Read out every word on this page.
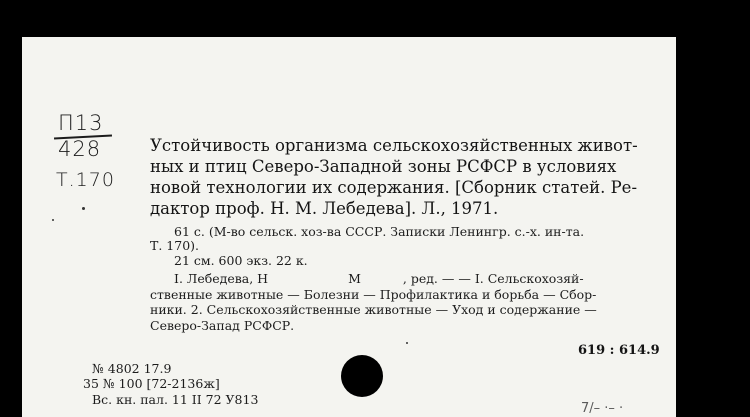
П13
428
Т.170
Устойчивость организма сельскохозяйственных живот-
ных и птиц Северо-Западной зоны РСФСР в условиях
новой технологии их содержания. [Сборник статей. Ре-
дактор проф. Н. М. Лебедева]. Л., 1971.
61 с. (М-во сельск. хоз-ва СССР. Записки Ленингр. с.-х. ин-та.
Т. 170).
21 см. 600 экз. 22 к.
I. Лебедева, Н	М	, ред. — — I. Сельскохозяй-
ственные животные — Болезни — Профилактика и борьба — Сбор-
ники. 2. Сельскохозяйственные животные — Уход и содержание —
Северо-Запад РСФСР.
619 : 614.9
№ 4802 17.9
35 № 100 [72-2136ж]
Вс. кн. пал. 11 II 72 У813
7/– ·– ·
